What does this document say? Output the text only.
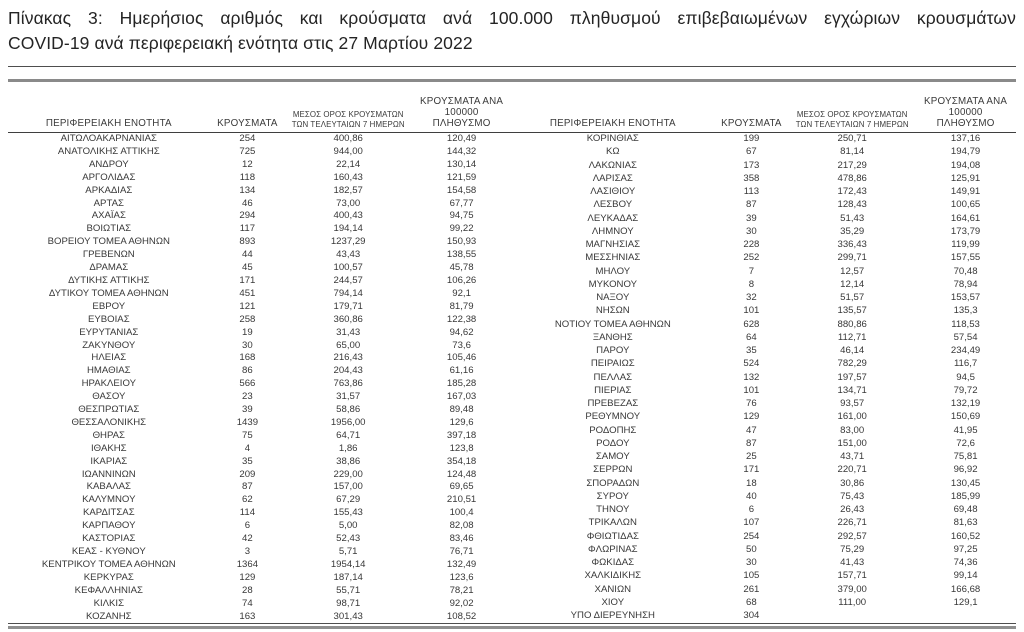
Πίνακας 3: Ημερήσιος αριθμός και κρούσματα ανά 100.000 πληθυσμού επιβεβαιωμένων εγχώριων κρουσμάτων
COVID-19 ανά περιφερειακή ενότητα στις 27 Μαρτίου 2022
ΠΕΡΙΦΕΡΕΙΑΚΗ ΕΝΟΤΗΤΑ	ΚΡΟΥΣΜΑΤΑ	
ΜΕΣΟΣ ΟΡΟΣ ΚΡΟΥΣΜΑΤΩΝ
ΤΩΝ ΤΕΛΕΥΤΑΙΩΝ 7 ΗΜΕΡΩΝ

ΚΡΟΥΣΜΑΤΑ ΑΝΑ 100000
ΠΛΗΘΥΣΜΟ

ΑΙΤΩΛΟΑΚΑΡΝΑΝΙΑΣ	254	400,86	120,49
ΑΝΑΤΟΛΙΚΗΣ ΑΤΤΙΚΗΣ	725	944,00	144,32
ΑΝΔΡΟΥ	12	22,14	130,14
ΑΡΓΟΛΙΔΑΣ	118	160,43	121,59
ΑΡΚΑΔΙΑΣ	134	182,57	154,58
ΑΡΤΑΣ	46	73,00	67,77
ΑΧΑΪΑΣ	294	400,43	94,75
ΒΟΙΩΤΙΑΣ	117	194,14	99,22
ΒΟΡΕΙΟΥ ΤΟΜΕΑ ΑΘΗΝΩΝ	893	1237,29	150,93
ΓΡΕΒΕΝΩΝ	44	43,43	138,55
ΔΡΑΜΑΣ	45	100,57	45,78
ΔΥΤΙΚΗΣ ΑΤΤΙΚΗΣ	171	244,57	106,26
ΔΥΤΙΚΟΥ ΤΟΜΕΑ ΑΘΗΝΩΝ	451	794,14	92,1
ΕΒΡΟΥ	121	179,71	81,79
ΕΥΒΟΙΑΣ	258	360,86	122,38
ΕΥΡΥΤΑΝΙΑΣ	19	31,43	94,62
ΖΑΚΥΝΘΟΥ	30	65,00	73,6
ΗΛΕΙΑΣ	168	216,43	105,46
ΗΜΑΘΙΑΣ	86	204,43	61,16
ΗΡΑΚΛΕΙΟΥ	566	763,86	185,28
ΘΑΣΟΥ	23	31,57	167,03
ΘΕΣΠΡΩΤΙΑΣ	39	58,86	89,48
ΘΕΣΣΑΛΟΝΙΚΗΣ	1439	1956,00	129,6
ΘΗΡΑΣ	75	64,71	397,18
ΙΘΑΚΗΣ	4	1,86	123,8
ΙΚΑΡΙΑΣ	35	38,86	354,18
ΙΩΑΝΝΙΝΩΝ	209	229,00	124,48
ΚΑΒΑΛΑΣ	87	157,00	69,65
ΚΑΛΥΜΝΟΥ	62	67,29	210,51
ΚΑΡΔΙΤΣΑΣ	114	155,43	100,4
ΚΑΡΠΑΘΟΥ	6	5,00	82,08
ΚΑΣΤΟΡΙΑΣ	42	52,43	83,46
ΚΕΑΣ - ΚΥΘΝΟΥ	3	5,71	76,71
ΚΕΝΤΡΙΚΟΥ ΤΟΜΕΑ ΑΘΗΝΩΝ	1364	1954,14	132,49
ΚΕΡΚΥΡΑΣ	129	187,14	123,6
ΚΕΦΑΛΛΗΝΙΑΣ	28	55,71	78,21
ΚΙΛΚΙΣ	74	98,71	92,02
ΚΟΖΑΝΗΣ	163	301,43	108,52
ΠΕΡΙΦΕΡΕΙΑΚΗ ΕΝΟΤΗΤΑ	ΚΡΟΥΣΜΑΤΑ	
ΜΕΣΟΣ ΟΡΟΣ ΚΡΟΥΣΜΑΤΩΝ
ΤΩΝ ΤΕΛΕΥΤΑΙΩΝ 7 ΗΜΕΡΩΝ

ΚΡΟΥΣΜΑΤΑ ΑΝΑ 100000
ΠΛΗΘΥΣΜΟ

ΚΟΡΙΝΘΙΑΣ	199	250,71	137,16
ΚΩ	67	81,14	194,79
ΛΑΚΩΝΙΑΣ	173	217,29	194,08
ΛΑΡΙΣΑΣ	358	478,86	125,91
ΛΑΣΙΘΙΟΥ	113	172,43	149,91
ΛΕΣΒΟΥ	87	128,43	100,65
ΛΕΥΚΑΔΑΣ	39	51,43	164,61
ΛΗΜΝΟΥ	30	35,29	173,79
ΜΑΓΝΗΣΙΑΣ	228	336,43	119,99
ΜΕΣΣΗΝΙΑΣ	252	299,71	157,55
ΜΗΛΟΥ	7	12,57	70,48
ΜΥΚΟΝΟΥ	8	12,14	78,94
ΝΑΞΟΥ	32	51,57	153,57
ΝΗΣΩΝ	101	135,57	135,3
ΝΟΤΙΟΥ ΤΟΜΕΑ ΑΘΗΝΩΝ	628	880,86	118,53
ΞΑΝΘΗΣ	64	112,71	57,54
ΠΑΡΟΥ	35	46,14	234,49
ΠΕΙΡΑΙΩΣ	524	782,29	116,7
ΠΕΛΛΑΣ	132	197,57	94,5
ΠΙΕΡΙΑΣ	101	134,71	79,72
ΠΡΕΒΕΖΑΣ	76	93,57	132,19
ΡΕΘΥΜΝΟΥ	129	161,00	150,69
ΡΟΔΟΠΗΣ	47	83,00	41,95
ΡΟΔΟΥ	87	151,00	72,6
ΣΑΜΟΥ	25	43,71	75,81
ΣΕΡΡΩΝ	171	220,71	96,92
ΣΠΟΡΑΔΩΝ	18	30,86	130,45
ΣΥΡΟΥ	40	75,43	185,99
ΤΗΝΟΥ	6	26,43	69,48
ΤΡΙΚΑΛΩΝ	107	226,71	81,63
ΦΘΙΩΤΙΔΑΣ	254	292,57	160,52
ΦΛΩΡΙΝΑΣ	50	75,29	97,25
ΦΩΚΙΔΑΣ	30	41,43	74,36
ΧΑΛΚΙΔΙΚΗΣ	105	157,71	99,14
ΧΑΝΙΩΝ	261	379,00	166,68
ΧΙΟΥ	68	111,00	129,1
ΥΠΟ ΔΙΕΡΕΥΝΗΣΗ	304		
